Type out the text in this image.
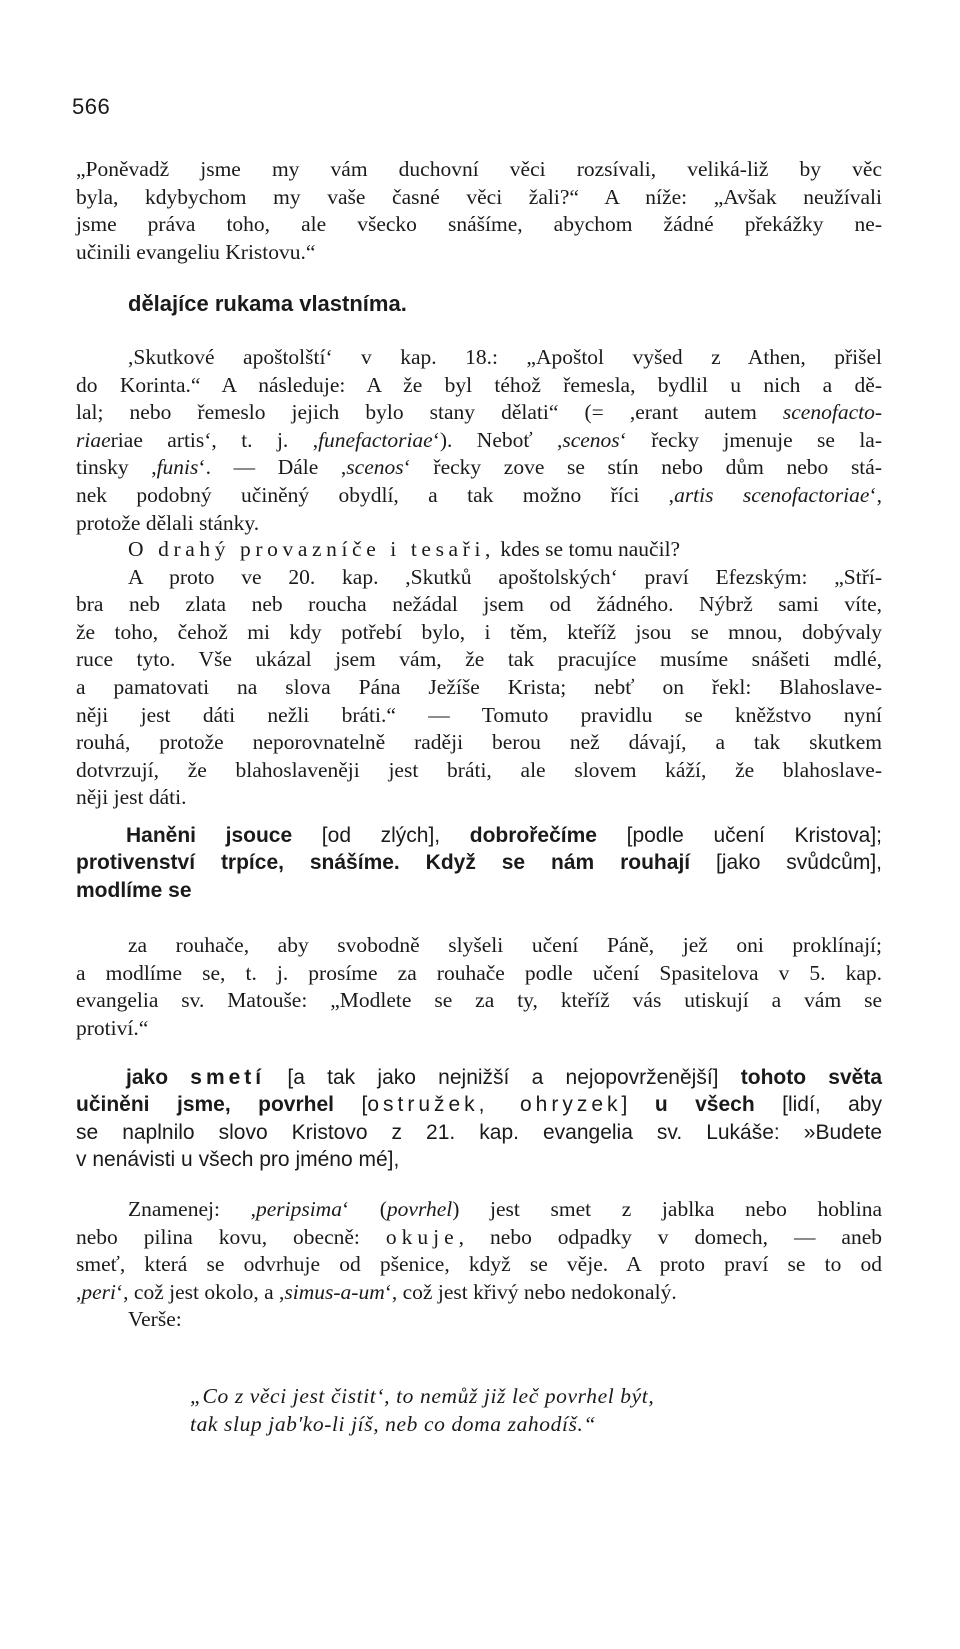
566
„Poněvadž jsme my vám duchovní věci rozsívali, veliká-liž by věc
byla, kdybychom my vaše časné věci žali?“ A níže: „Avšak neužívali
jsme práva toho, ale všecko snášíme, abychom žádné překážky ne-
učinili evangeliu Kristovu.“
dělajíce rukama vlastníma.
,Skutkové apoštolští‘ v kap. 18.: „Apoštol vyšed z Athen, přišel
do Korinta.“ A následuje: A že byl téhož řemesla, bydlil u nich a dě-
lal; nebo řemeslo jejich bylo stany dělati“ (= ,erant autem scenofacto-
riaeriae artis‘, t. j. ,funefactoriae‘). Neboť ,scenos‘ řecky jmenuje se la-
tinsky ,funis‘. — Dále ,scenos‘ řecky zove se stín nebo dům nebo stá-
nek podobný učiněný obydlí, a tak možno říci ,artis scenofactoriae‘,
protože dělali stánky.
O drahý provazníče i tesaři, kdes se tomu naučil?
A proto ve 20. kap. ,Skutků apoštolských‘ praví Efezským: „Stří-
bra neb zlata neb roucha nežádal jsem od žádného. Nýbrž sami víte,
že toho, čehož mi kdy potřebí bylo, i těm, kteříž jsou se mnou, dobývaly
ruce tyto. Vše ukázal jsem vám, že tak pracujíce musíme snášeti mdlé,
a pamatovati na slova Pána Ježíše Krista; nebť on řekl: Blahoslave-
něji jest dáti nežli bráti.“ — Tomuto pravidlu se kněžstvo nyní
rouhá, protože neporovnatelně raději berou než dávají, a tak skutkem
dotvrzují, že blahoslaveněji jest bráti, ale slovem káží, že blahoslave-
něji jest dáti.
Haněni jsouce [od zlých], dobrořečíme [podle učení Kristova];
protivenství trpíce, snášíme. Když se nám rouhají [jako svůdcům],
modlíme se
za rouhače, aby svobodně slyšeli učení Páně, jež oni proklínají;
a modlíme se, t. j. prosíme za rouhače podle učení Spasitelova v 5. kap.
evangelia sv. Matouše: „Modlete se za ty, kteříž vás utiskují a vám se
protiví.“
jako smetí [a tak jako nejnižší a nejopovrženější] tohoto světa
učiněni jsme, povrhel [ostružek, ohryzek] u všech [lidí, aby
se naplnilo slovo Kristovo z 21. kap. evangelia sv. Lukáše: »Budete
v nenávisti u všech pro jméno mé],
Znamenej: ,peripsima‘ (povrhel) jest smet z jablka nebo hoblina
nebo pilina kovu, obecně: okuje, nebo odpadky v domech, — aneb
smeť, která se odvrhuje od pšenice, když se věje. A proto praví se to od
,peri‘, což jest okolo, a ,simus-a-um‘, což jest křivý nebo nedokonalý.
Verše:
„Co z věci jest čistit‘, to nemůž již leč povrhel být,
tak slup jab'ko-li jíš, neb co doma zahodíš.“
